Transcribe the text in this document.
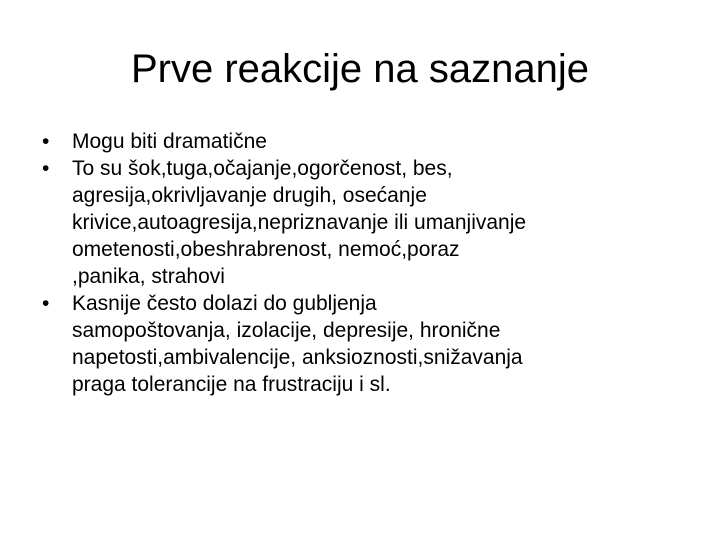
Prve reakcije na saznanje
•	Mogu biti dramatične
•	To su šok,tuga,očajanje,ogorčenost, bes,
agresija,okrivljavanje drugih, osećanje
krivice,autoagresija,nepriznavanje ili umanjivanje
ometenosti,obeshrabrenost, nemoć,poraz
,panika, strahovi
•	Kasnije često dolazi do gubljenja
samopoštovanja, izolacije, depresije, hronične
napetosti,ambivalencije, anksioznosti,snižavanja
praga tolerancije na frustraciju i sl.
